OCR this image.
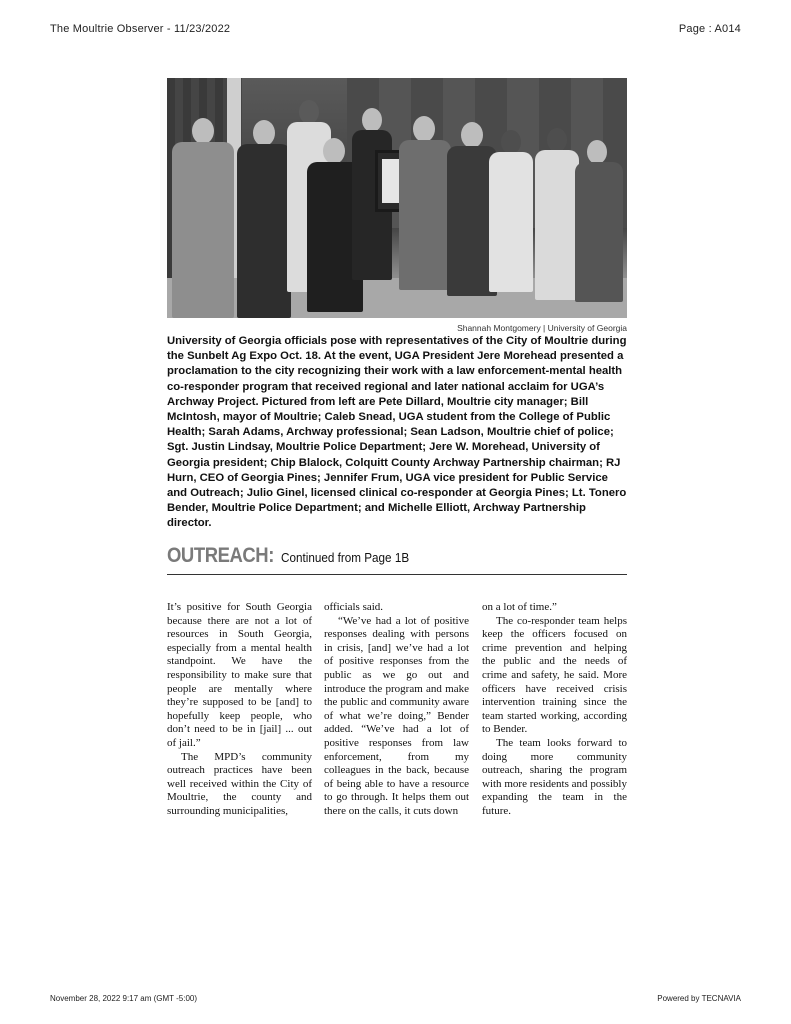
The Moultrie Observer - 11/23/2022	Page : A014
Shannah Montgomery | University of Georgia
University of Georgia officials pose with representatives of the City of Moultrie during the Sunbelt Ag Expo Oct. 18. At the event, UGA President Jere Morehead presented a proclamation to the city recognizing their work with a law enforcement-mental health co-responder program that received regional and later national acclaim for UGA’s Archway Project. Pictured from left are Pete Dillard, Moultrie city manager; Bill McIntosh, mayor of Moultrie; Caleb Snead, UGA student from the College of Public Health; Sarah Adams, Archway professional; Sean Ladson, Moultrie chief of police; Sgt. Justin Lindsay, Moultrie Police Department; Jere W. Morehead, University of Georgia president; Chip Blalock, Colquitt County Archway Partnership chairman; RJ Hurn, CEO of Georgia Pines; Jennifer Frum, UGA vice president for Public Service and Outreach; Julio Ginel, licensed clinical co-responder at Georgia Pines; Lt. Tonero Bender, Moultrie Police Department; and Michelle Elliott, Archway Partnership director.
OUTREACH: Continued from Page 1B

It’s positive for South Georgia because there are not a lot of resources in South Georgia, especially from a mental health standpoint. We have the responsibility to make sure that people are mentally where they’re supposed to be [and] to hopefully keep people, who don’t need to be in [jail] ... out of jail.”

The MPD’s community outreach practices have been well received within the City of Moultrie, the county and surrounding municipalities,

officials said.

“We’ve had a lot of positive responses dealing with persons in crisis, [and] we’ve had a lot of positive responses from the public as we go out and introduce the program and make the public and community aware of what we’re doing,” Bender added. “We’ve had a lot of positive responses from law enforcement, from my colleagues in the back, because of being able to have a resource to go through. It helps them out there on the calls, it cuts down

on a lot of time.”

The co-responder team helps keep the officers focused on crime prevention and helping the public and the needs of crime and safety, he said. More officers have received crisis intervention training since the team started working, according to Bender.

The team looks forward to doing more community outreach, sharing the program with more residents and possibly expanding the team in the future.

November 28, 2022 9:17 am (GMT -5:00)	Powered by TECNAVIA
